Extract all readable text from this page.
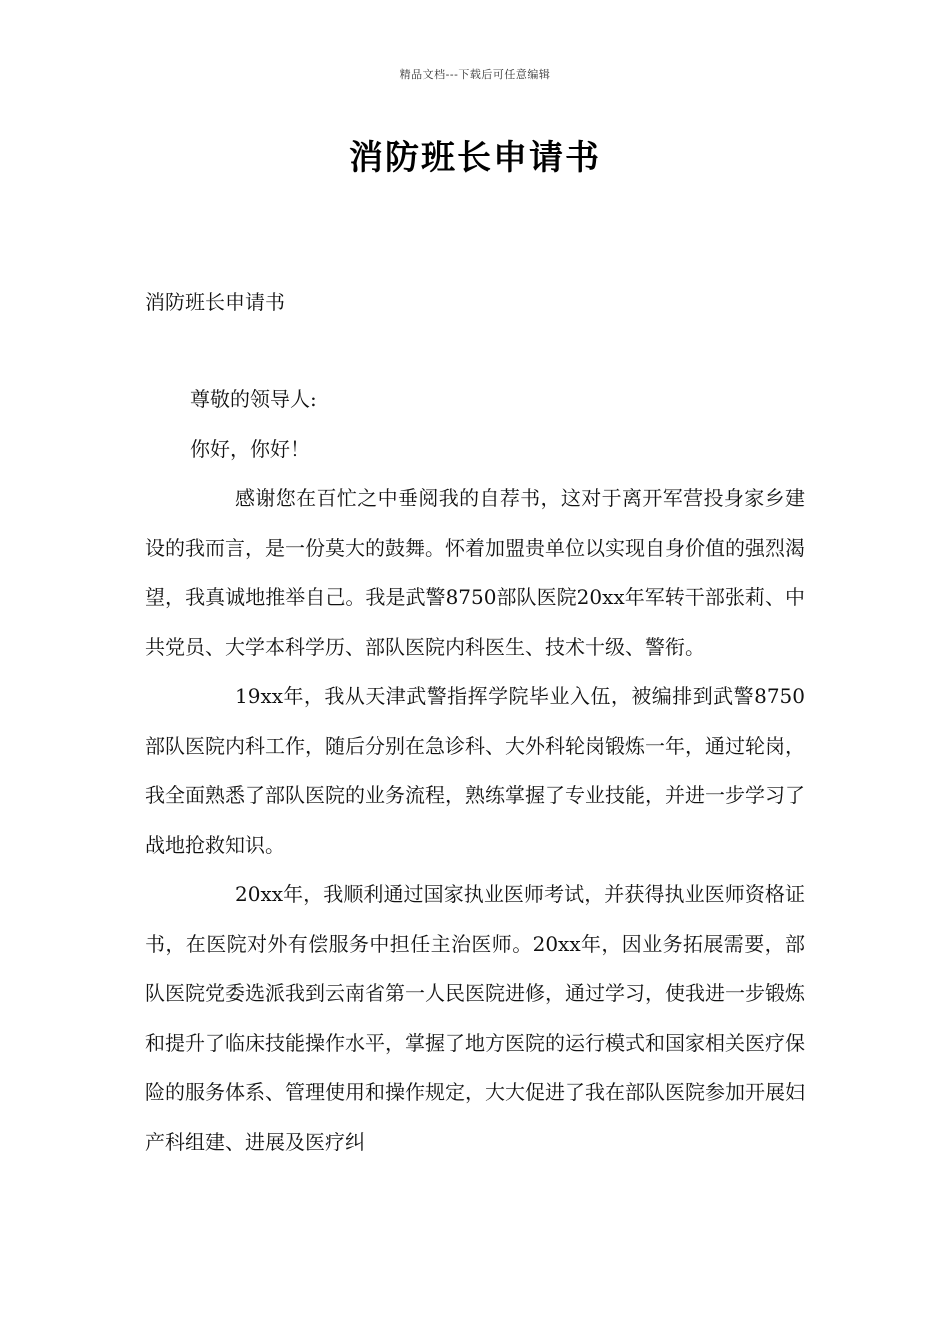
精品文档---下载后可任意编辑
消防班长申请书
消防班长申请书

尊敬的领导人:

你好，你好！

感谢您在百忙之中垂阅我的自荐书，这对于离开军营投身家乡建设的我而言，是一份莫大的鼓舞。怀着加盟贵单位以实现自身价值的强烈渴望，我真诚地推举自己。我是武警8750部队医院20xx年军转干部张莉、中共党员、大学本科学历、部队医院内科医生、技术十级、警衔。

19xx年，我从天津武警指挥学院毕业入伍，被编排到武警8750部队医院内科工作，随后分别在急诊科、大外科轮岗锻炼一年，通过轮岗，我全面熟悉了部队医院的业务流程，熟练掌握了专业技能，并进一步学习了战地抢救知识。

20xx年，我顺利通过国家执业医师考试，并获得执业医师资格证书，在医院对外有偿服务中担任主治医师。20xx年，因业务拓展需要，部队医院党委选派我到云南省第一人民医院进修，通过学习，使我进一步锻炼和提升了临床技能操作水平，掌握了地方医院的运行模式和国家相关医疗保险的服务体系、管理使用和操作规定，大大促进了我在部队医院参加开展妇产科组建、进展及医疗纠
